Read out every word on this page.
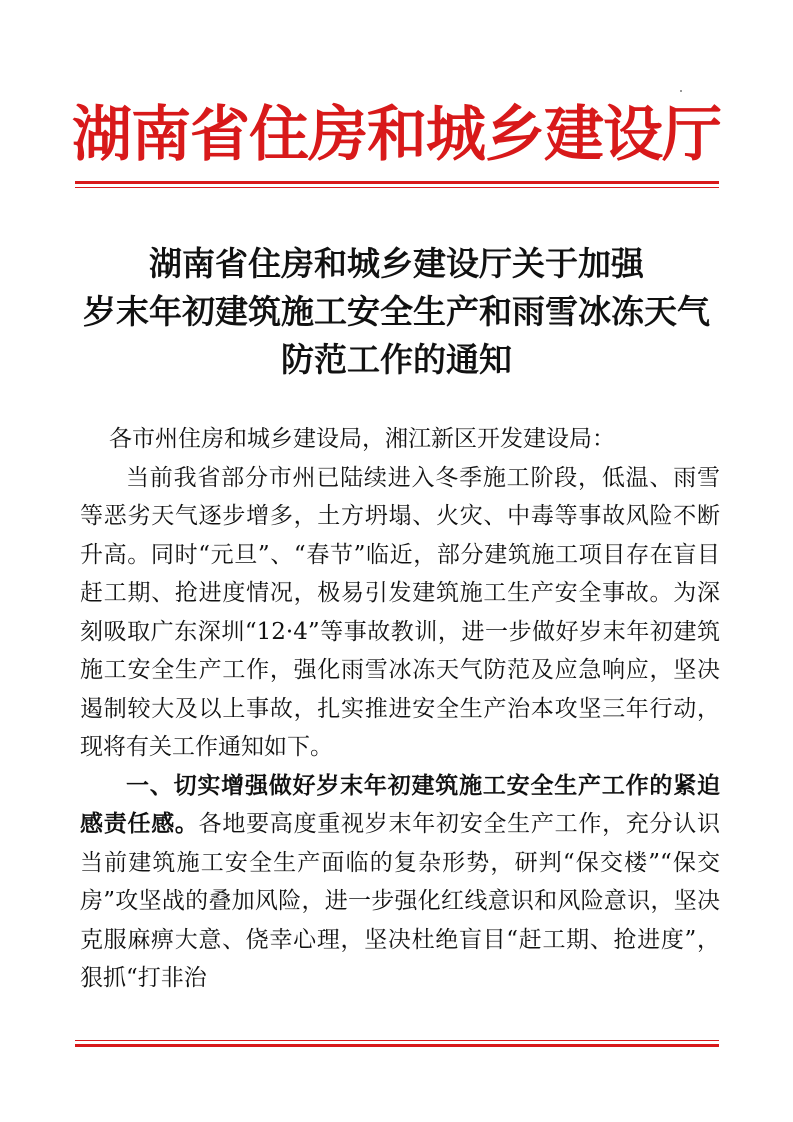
湖南省住房和城乡建设厅
湖南省住房和城乡建设厅关于加强
岁末年初建筑施工安全生产和雨雪冰冻天气
防范工作的通知

各市州住房和城乡建设局，湘江新区开发建设局：

当前我省部分市州已陆续进入冬季施工阶段，低温、雨雪等恶劣天气逐步增多，土方坍塌、火灾、中毒等事故风险不断升高。同时“元旦”、“春节”临近，部分建筑施工项目存在盲目赶工期、抢进度情况，极易引发建筑施工生产安全事故。为深刻吸取广东深圳“12·4”等事故教训，进一步做好岁末年初建筑施工安全生产工作，强化雨雪冰冻天气防范及应急响应，坚决遏制较大及以上事故，扎实推进安全生产治本攻坚三年行动，现将有关工作通知如下。

一、切实增强做好岁末年初建筑施工安全生产工作的紧迫感责任感。各地要高度重视岁末年初安全生产工作，充分认识当前建筑施工安全生产面临的复杂形势，研判“保交楼”“保交房”攻坚战的叠加风险，进一步强化红线意识和风险意识，坚决克服麻痹大意、侥幸心理，坚决杜绝盲目“赶工期、抢进度”，狠抓“打非治
